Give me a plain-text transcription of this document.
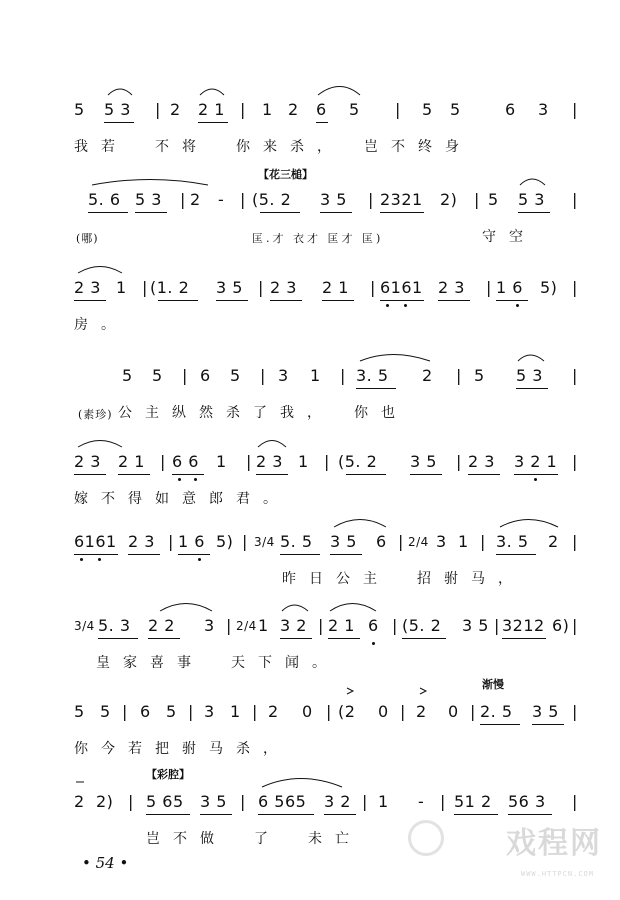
5 5 3 | 2 2 1 | 1 2 6 5 | 5 5	6 3 |
我若　不将　你来杀，　岂不终身
【花三槌】
5. 6 5 3 | 2 - | (5. 2 3 5 | 2321 2) | 5 5 3 |
(哪)	匡.才 衣才 匡才 匡)	守空
2 3 1 | (1. 2 3 5 | 2 3 2 1 | 6161 2 3 | 1 6 5) |
房。
5 5 | 6 5 | 3 1 | 3. 5 2 | 5 5 3 |
(素珍) 公主纵然杀了我，　你也
2 3 2 1 | 6 6 1 | 2 3 1 | (5. 2 3 5 | 2 3 3 2 1 |
嫁不得如意郎君。
6161 2 3 | 1 6 5) | 3/4 5. 5 3 5 6 | 2/4 3 1 | 3. 5 2 |
昨日公主　招驸马，
3/4 5. 3 2 2 3 | 2/4 1 3 2 | 2 1 6 | (5. 2 3 5 | 3212 6) |
皇家喜事　天下闻。
渐慢
5 5 | 6 5 | 3 1 | 2 0 | (2 0 | 2 0 | 2. 5 3 5 |
你今若把驸马杀，
【彩腔】
2 2) | 5 65 3 5 | 6 565 3 2 | 1 - | 51 2 56 3 |
岂不做　了　未亡
• 54 •
戏程网
WWW.HTTPCN.COM
